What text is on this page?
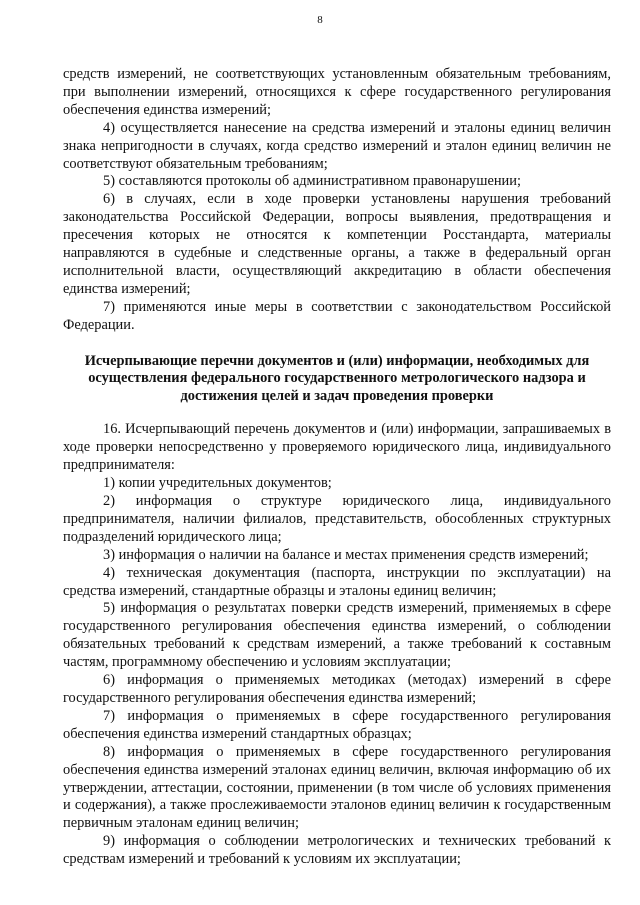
8

средств измерений, не соответствующих установленным обязательным требованиям, при выполнении измерений, относящихся к сфере государственного регулирования обеспечения единства измерений;

4) осуществляется нанесение на средства измерений и эталоны единиц величин знака непригодности в случаях, когда средство измерений и эталон единиц величин не соответствуют обязательным требованиям;

5) составляются протоколы об административном правонарушении;

6) в случаях, если в ходе проверки установлены нарушения требований законодательства Российской Федерации, вопросы выявления, предотвращения и пресечения которых не относятся к компетенции Росстандарта, материалы направляются в судебные и следственные органы, а также в федеральный орган исполнительной власти, осуществляющий аккредитацию в области обеспечения единства измерений;

7) применяются иные меры в соответствии с законодательством Российской Федерации.

Исчерпывающие перечни документов и (или) информации, необходимых для осуществления федерального государственного метрологического надзора и достижения целей и задач проведения проверки

16. Исчерпывающий перечень документов и (или) информации, запрашиваемых в ходе проверки непосредственно у проверяемого юридического лица, индивидуального предпринимателя:

1) копии учредительных документов;

2) информация о структуре юридического лица, индивидуального предпринимателя, наличии филиалов, представительств, обособленных структурных подразделений юридического лица;

3) информация о наличии на балансе и местах применения средств измерений;

4) техническая документация (паспорта, инструкции по эксплуатации) на средства измерений, стандартные образцы и эталоны единиц величин;

5) информация о результатах поверки средств измерений, применяемых в сфере государственного регулирования обеспечения единства измерений, о соблюдении обязательных требований к средствам измерений, а также требований к составным частям, программному обеспечению и условиям эксплуатации;

6) информация о применяемых методиках (методах) измерений в сфере государственного регулирования обеспечения единства измерений;

7) информация о применяемых в сфере государственного регулирования обеспечения единства измерений стандартных образцах;

8) информация о применяемых в сфере государственного регулирования обеспечения единства измерений эталонах единиц величин, включая информацию об их утверждении, аттестации, состоянии, применении (в том числе об условиях применения и содержания), а также прослеживаемости эталонов единиц величин к государственным первичным эталонам единиц величин;

9) информация о соблюдении метрологических и технических требований к средствам измерений и требований к условиям их эксплуатации;
